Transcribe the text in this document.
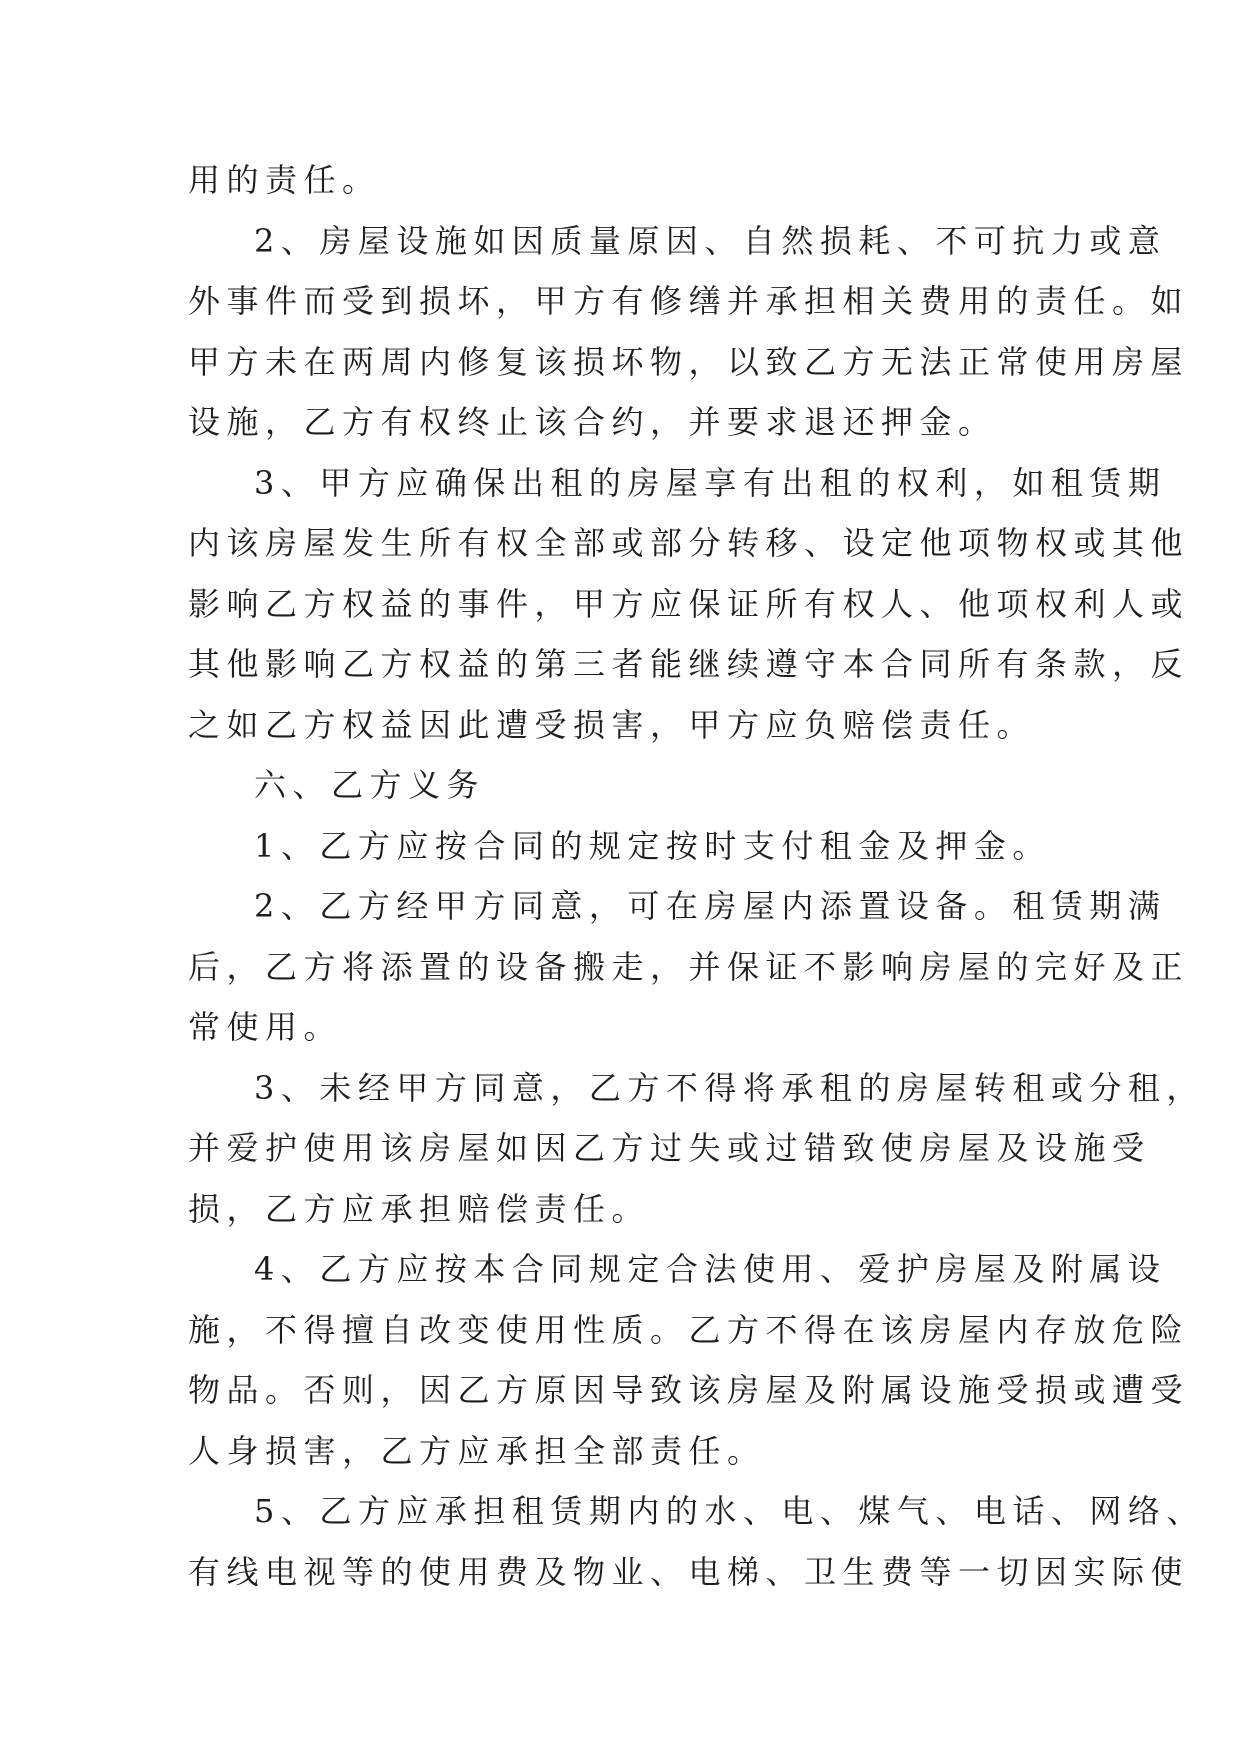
用的责任。
2、房屋设施如因质量原因、自然损耗、不可抗力或意
外事件而受到损坏，甲方有修缮并承担相关费用的责任。如
甲方未在两周内修复该损坏物，以致乙方无法正常使用房屋
设施，乙方有权终止该合约，并要求退还押金。
3、甲方应确保出租的房屋享有出租的权利，如租赁期
内该房屋发生所有权全部或部分转移、设定他项物权或其他
影响乙方权益的事件，甲方应保证所有权人、他项权利人或
其他影响乙方权益的第三者能继续遵守本合同所有条款，反
之如乙方权益因此遭受损害，甲方应负赔偿责任。
六、乙方义务
1、乙方应按合同的规定按时支付租金及押金。
2、乙方经甲方同意，可在房屋内添置设备。租赁期满
后，乙方将添置的设备搬走，并保证不影响房屋的完好及正
常使用。
3、未经甲方同意，乙方不得将承租的房屋转租或分租，
并爱护使用该房屋如因乙方过失或过错致使房屋及设施受
损，乙方应承担赔偿责任。
4、乙方应按本合同规定合法使用、爱护房屋及附属设
施，不得擅自改变使用性质。乙方不得在该房屋内存放危险
物品。否则，因乙方原因导致该房屋及附属设施受损或遭受
人身损害，乙方应承担全部责任。
5、乙方应承担租赁期内的水、电、煤气、电话、网络、
有线电视等的使用费及物业、电梯、卫生费等一切因实际使
